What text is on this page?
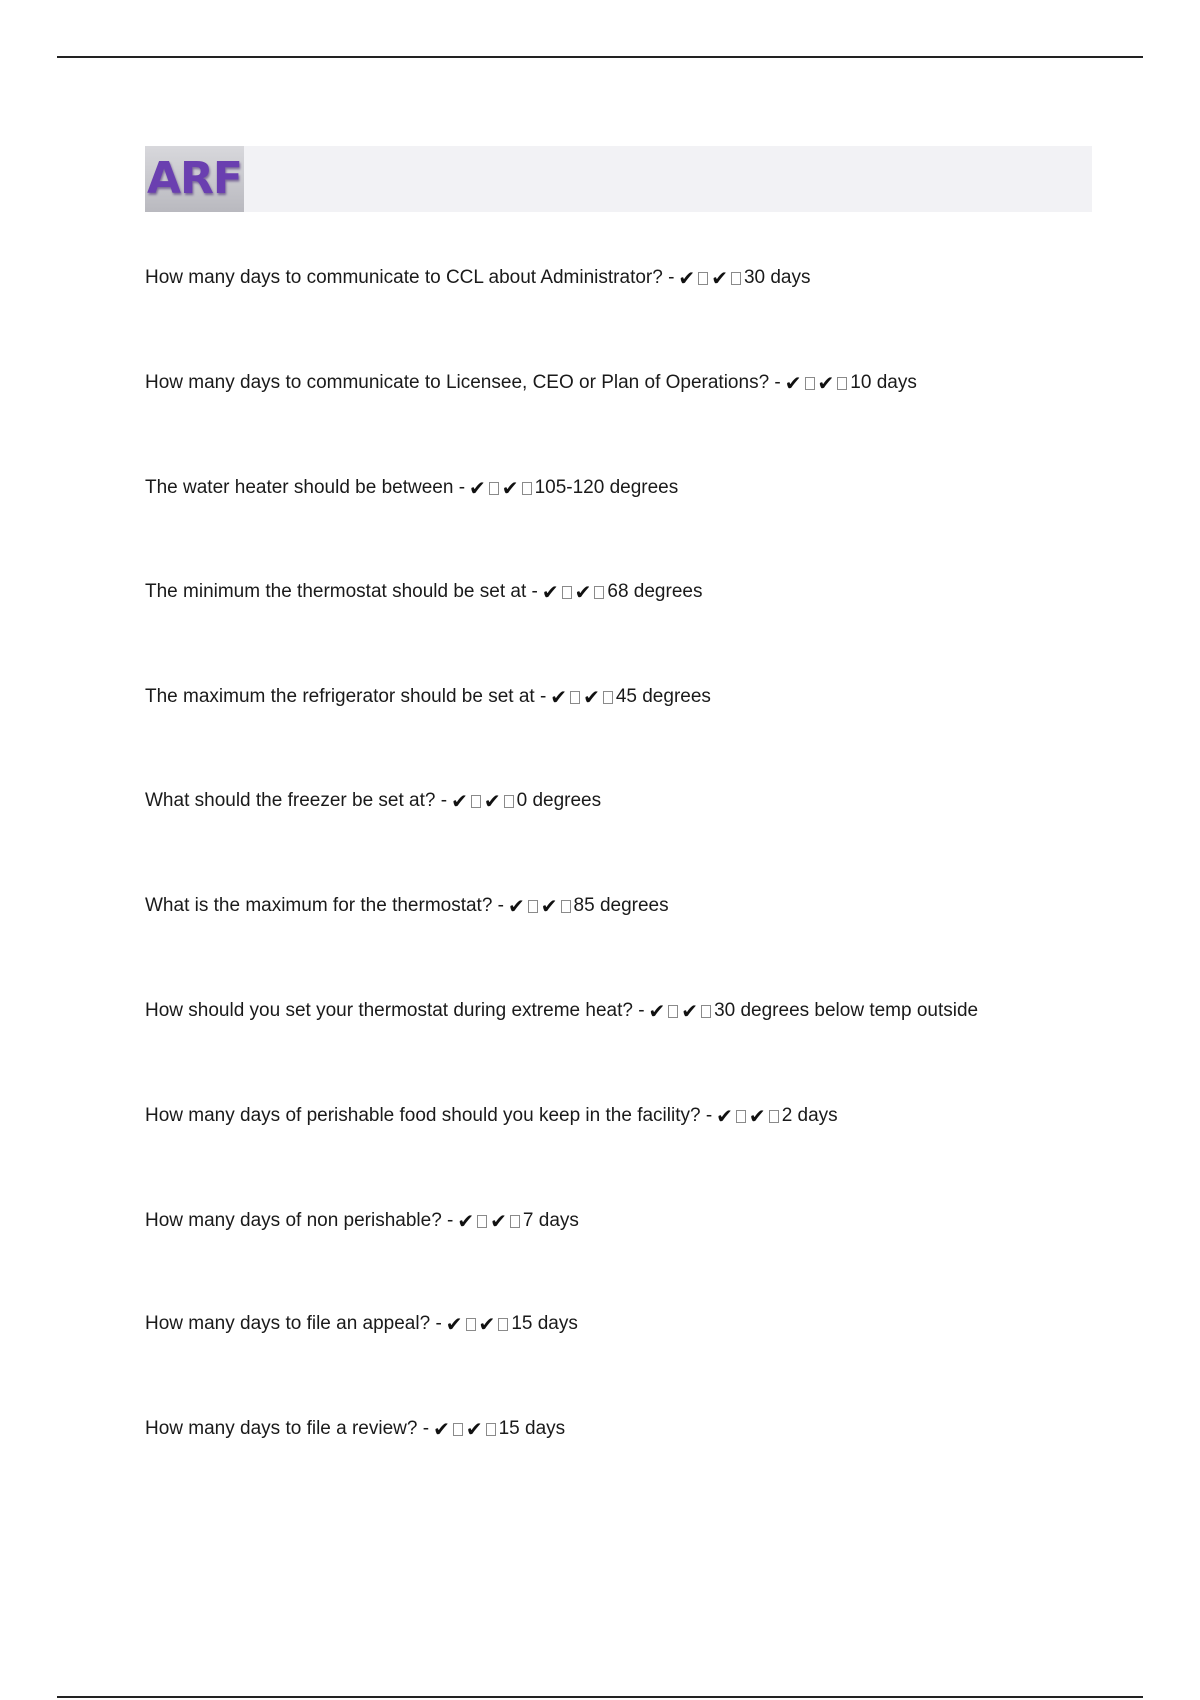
ARF
How many days to communicate to CCL about Administrator? - ✔ ✔ 30 days
How many days to communicate to Licensee, CEO or Plan of Operations? - ✔ ✔ 10 days
The water heater should be between - ✔ ✔ 105-120 degrees
The minimum the thermostat should be set at - ✔ ✔ 68 degrees
The maximum the refrigerator should be set at - ✔ ✔ 45 degrees
What should the freezer be set at? - ✔ ✔ 0 degrees
What is the maximum for the thermostat? - ✔ ✔ 85 degrees
How should you set your thermostat during extreme heat? - ✔ ✔ 30 degrees below temp outside
How many days of perishable food should you keep in the facility? - ✔ ✔ 2 days
How many days of non perishable? - ✔ ✔ 7 days
How many days to file an appeal? - ✔ ✔ 15 days
How many days to file a review? - ✔ ✔ 15 days
